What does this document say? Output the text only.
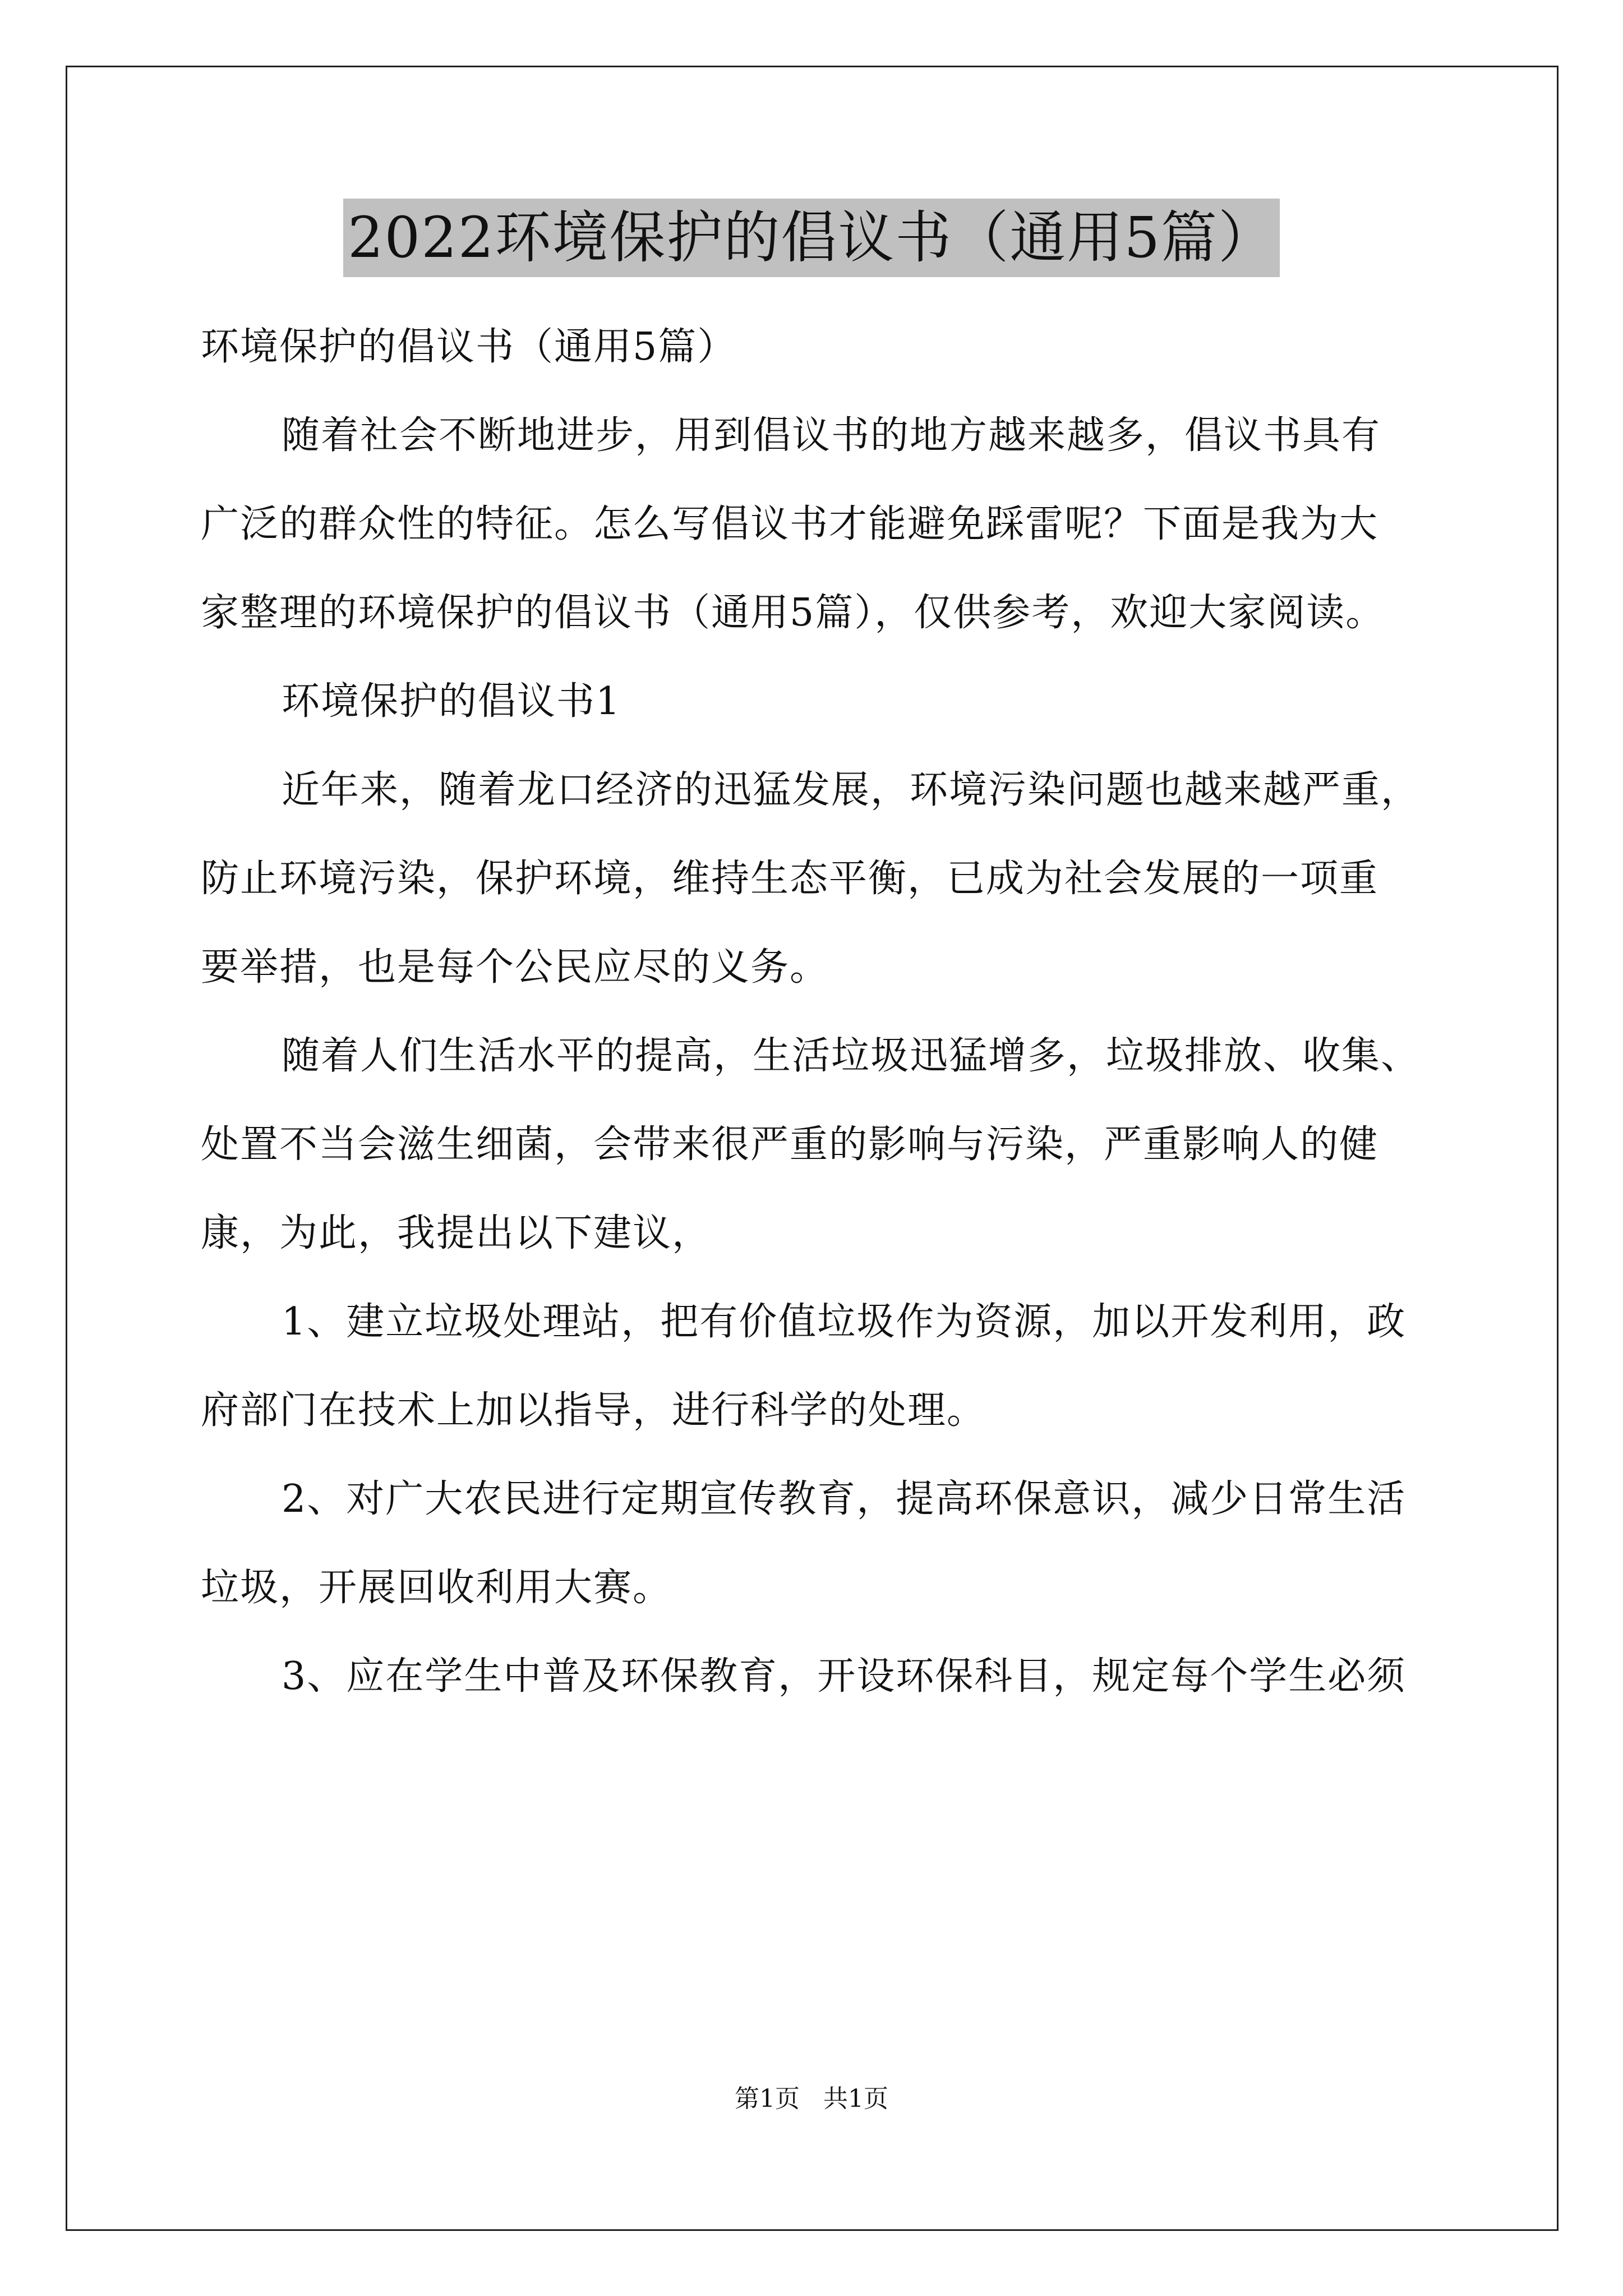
2022环境保护的倡议书（通用5篇）

环境保护的倡议书（通用5篇）

随着社会不断地进步，用到倡议书的地方越来越多，倡议书具有

广泛的群众性的特征。怎么写倡议书才能避免踩雷呢？下面是我为大

家整理的环境保护的倡议书（通用5篇），仅供参考，欢迎大家阅读。

环境保护的倡议书1

近年来，随着龙口经济的迅猛发展，环境污染问题也越来越严重，

防止环境污染，保护环境，维持生态平衡，已成为社会发展的一项重

要举措，也是每个公民应尽的义务。

随着人们生活水平的提高，生活垃圾迅猛增多，垃圾排放、收集、

处置不当会滋生细菌，会带来很严重的影响与污染，严重影响人的健

康，为此，我提出以下建议，

1、建立垃圾处理站，把有价值垃圾作为资源，加以开发利用，政

府部门在技术上加以指导，进行科学的处理。

2、对广大农民进行定期宣传教育，提高环保意识，减少日常生活

垃圾，开展回收利用大赛。

3、应在学生中普及环保教育，开设环保科目，规定每个学生必须

第1页   共1页
